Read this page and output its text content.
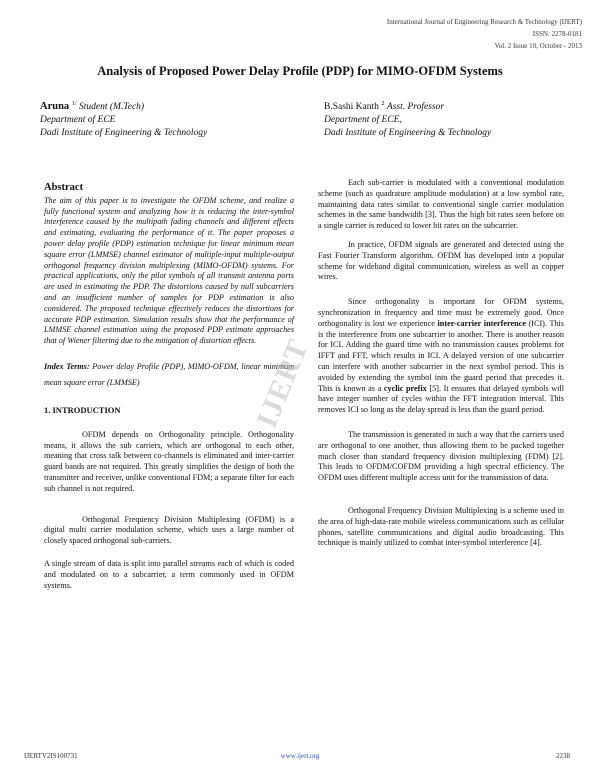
International Journal of Engineering Research & Technology (IJERT)
ISSN: 2278-0181
Vol. 2 Issue 10, October - 2013
Analysis of Proposed Power Delay Profile (PDP) for MIMO-OFDM Systems
Aruna $^{1/}$ Student (M.Tech)
Department of ECE
Dadi Institute of Engineering & Technology
B.Sashi Kanth $^2$ Asst. Professor
Department of ECE,
Dadi Institute of Engineering & Technology
Abstract

The aim of this paper is to investigate the OFDM scheme, and realize a fully functional system and analyzing how it is reducing the inter-symbol interference caused by the multipath fading channels and different effects and estimating, evaluating the performance of it. The paper proposes a power delay profile (PDP) estimation technique for linear minimum mean square error (LMMSE) channel estimator of multiple-input multiple-output orthogonal frequency division multiplexing (MIMO-OFDM) systems. For practical applications, only the pilot symbols of all transmit antenna ports are used in estimating the PDP. The distortions caused by null subcarriers and an insufficient number of samples for PDP estimation is also considered. The proposed technique effectively reduces the distortions for accurate PDP estimation. Simulation results show that the performance of LMMSE channel estimation using the proposed PDP estimate approaches that of Wiener filtering due to the mitigation of distortion effects.

Index Terms: Power delay Profile (PDP), MIMO-OFDM, linear minimum mean square error (LMMSE)

1. INTRODUCTION

OFDM depends on Orthogonality principle. Orthogonality means, it allows the sub carriers, which are orthogonal to each other, meaning that cross talk between co-channels is eliminated and inter-carrier guard bands are not required. This greatly simplifies the design of both the transmitter and receiver, unlike conventional FDM; a separate filter for each sub channel is not required.

Orthogonal Frequency Division Multiplexing (OFDM) is a digital multi carrier modulation scheme, which uses a large number of closely spaced orthogonal sub-carriers.

A single stream of data is split into parallel streams each of which is coded and modulated on to a subcarrier, a term commonly used in OFDM systems.

Each sub-carrier is modulated with a conventional modulation scheme (such as quadrature amplitude modulation) at a low symbol rate, maintaining data rates similar to conventional single carrier modulation schemes in the same bandwidth [3]. Thus the high bit rates seen before on a single carrier is reduced to lower bit rates on the subcarrier.

In practice, OFDM signals are generated and detected using the Fast Fourier Transform algorithm. OFDM has developed into a popular scheme for wideband digital communication, wireless as well as copper wires.

Since orthogonality is important for OFDM systems, synchronization in frequency and time must be extremely good. Once orthogonality is lost we experience inter-carrier interference (ICI). This is the interference from one subcarrier to another. There is another reason for ICI. Adding the guard time with no transmission causes problems for IFFT and FFT, which results in ICI. A delayed version of one subcarrier can interfere with another subcarrier in the next symbol period. This is avoided by extending the symbol into the guard period that precedes it. This is known as a cyclic prefix [5]. It ensures that delayed symbols will have integer number of cycles within the FFT integration interval. This removes ICI so long as the delay spread is less than the guard period.

The transmission is generated in such a way that the carriers used are orthogonal to one another, thus allowing them to be packed together much closer than standard frequency division multiplexing (FDM) [2]. This leads to OFDM/COFDM providing a high spectral efficiency. The OFDM uses different multiple access unit for the transmission of data.

Orthogonal Frequency Division Multiplexing is a scheme used in the area of high-data-rate mobile wireless communications such as cellular phones, satellite communications and digital audio broadcasting. This technique is mainly utilized to combat inter-symbol interference [4].

IJERT
IJERTV2IS100731	www.ijert.org	2238
